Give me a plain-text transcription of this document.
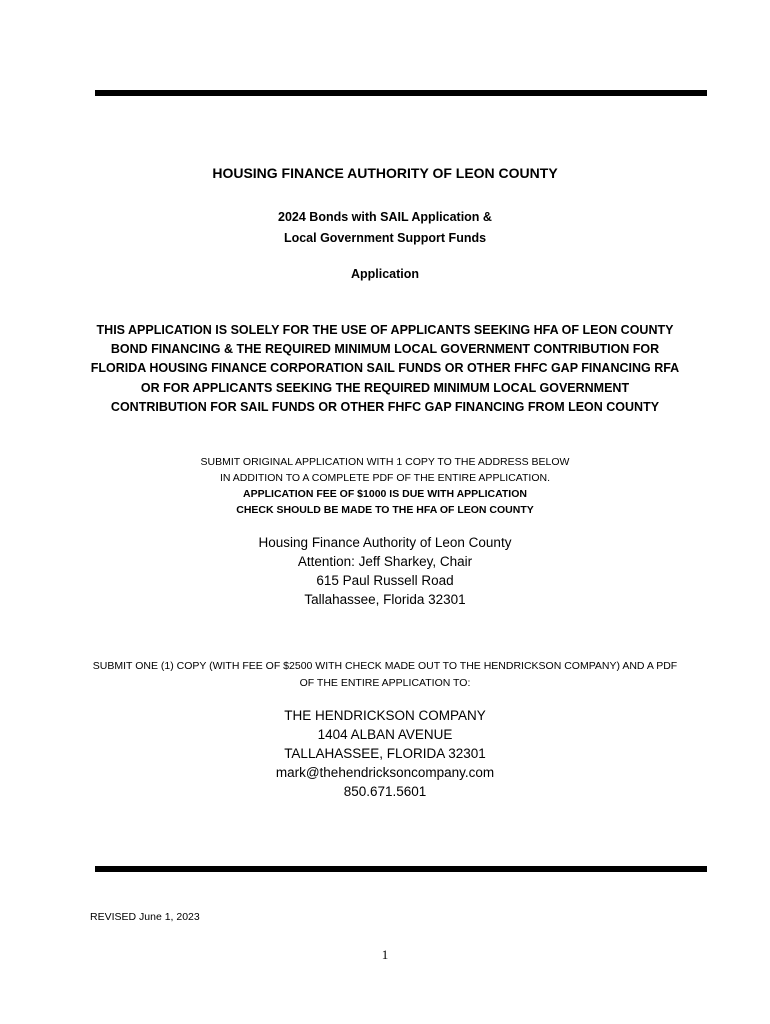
HOUSING FINANCE AUTHORITY OF LEON COUNTY
2024 Bonds with SAIL Application &
Local Government Support Funds
Application
THIS APPLICATION IS SOLELY FOR THE USE OF APPLICANTS SEEKING HFA OF LEON COUNTY
BOND FINANCING & THE REQUIRED MINIMUM LOCAL GOVERNMENT CONTRIBUTION FOR
FLORIDA HOUSING FINANCE CORPORATION SAIL FUNDS OR OTHER FHFC GAP FINANCING RFA
OR FOR APPLICANTS SEEKING THE REQUIRED MINIMUM LOCAL GOVERNMENT
CONTRIBUTION FOR SAIL FUNDS OR OTHER FHFC GAP FINANCING FROM LEON COUNTY
SUBMIT ORIGINAL APPLICATION WITH 1 COPY TO THE ADDRESS BELOW
IN ADDITION TO A COMPLETE PDF OF THE ENTIRE APPLICATION.
APPLICATION FEE OF $1000 IS DUE WITH APPLICATION
CHECK SHOULD BE MADE TO THE HFA OF LEON COUNTY
Housing Finance Authority of Leon County
Attention: Jeff Sharkey, Chair
615 Paul Russell Road
Tallahassee, Florida 32301
SUBMIT ONE (1) COPY (WITH FEE OF $2500 WITH CHECK MADE OUT TO THE HENDRICKSON COMPANY) AND A PDF
OF THE ENTIRE APPLICATION TO:
THE HENDRICKSON COMPANY
1404 ALBAN AVENUE
TALLAHASSEE, FLORIDA 32301
mark@thehendricksoncompany.com
850.671.5601
REVISED June 1, 2023
1
